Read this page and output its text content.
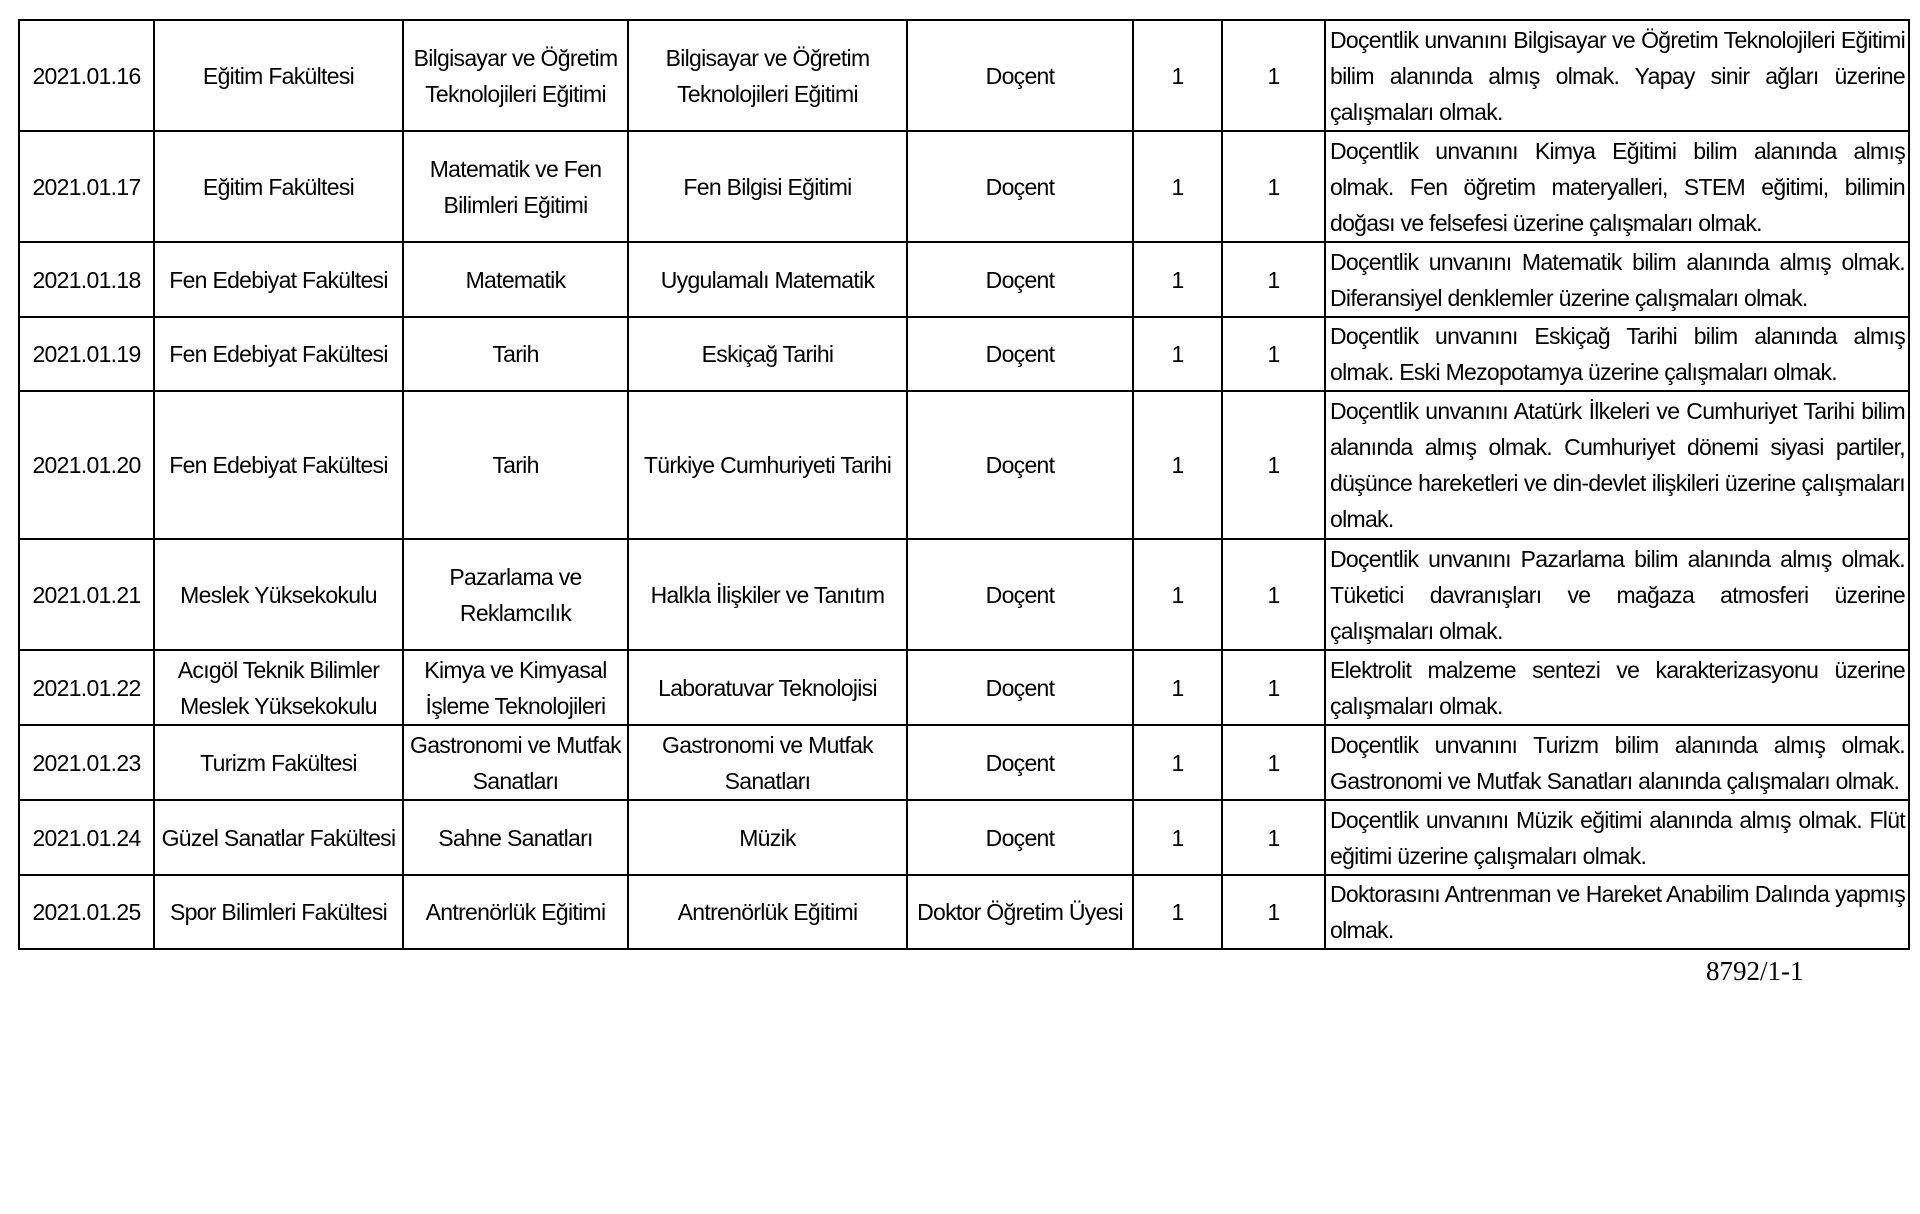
2021.01.16	Eğitim Fakültesi	Bilgisayar ve Öğretim Teknolojileri Eğitimi	Bilgisayar ve Öğretim Teknolojileri Eğitimi	Doçent	1	1	Doçentlik unvanını Bilgisayar ve Öğretim Teknolojileri Eğitimi bilim alanında almış olmak. Yapay sinir ağları üzerine çalışmaları olmak.
2021.01.17	Eğitim Fakültesi	Matematik ve Fen Bilimleri Eğitimi	Fen Bilgisi Eğitimi	Doçent	1	1	Doçentlik unvanını Kimya Eğitimi bilim alanında almış olmak. Fen öğretim materyalleri, STEM eğitimi, bilimin doğası ve felsefesi üzerine çalışmaları olmak.
2021.01.18	Fen Edebiyat Fakültesi	Matematik	Uygulamalı Matematik	Doçent	1	1	Doçentlik unvanını Matematik bilim alanında almış olmak. Diferansiyel denklemler üzerine çalışmaları olmak.
2021.01.19	Fen Edebiyat Fakültesi	Tarih	Eskiçağ Tarihi	Doçent	1	1	Doçentlik unvanını Eskiçağ Tarihi bilim alanında almış olmak. Eski Mezopotamya üzerine çalışmaları olmak.
2021.01.20	Fen Edebiyat Fakültesi	Tarih	Türkiye Cumhuriyeti Tarihi	Doçent	1	1	Doçentlik unvanını Atatürk İlkeleri ve Cumhuriyet Tarihi bilim alanında almış olmak. Cumhuriyet dönemi siyasi partiler, düşünce hareketleri ve din-devlet ilişkileri üzerine çalışmaları olmak.
2021.01.21	Meslek Yüksekokulu	Pazarlama ve Reklamcılık	Halkla İlişkiler ve Tanıtım	Doçent	1	1	Doçentlik unvanını Pazarlama bilim alanında almış olmak. Tüketici davranışları ve mağaza atmosferi üzerine çalışmaları olmak.
2021.01.22	Acıgöl Teknik Bilimler Meslek Yüksekokulu	Kimya ve Kimyasal İşleme Teknolojileri	Laboratuvar Teknolojisi	Doçent	1	1	Elektrolit malzeme sentezi ve karakterizasyonu üzerine çalışmaları olmak.
2021.01.23	Turizm Fakültesi	Gastronomi ve Mutfak Sanatları	Gastronomi ve Mutfak Sanatları	Doçent	1	1	Doçentlik unvanını Turizm bilim alanında almış olmak. Gastronomi ve Mutfak Sanatları alanında çalışmaları olmak.
2021.01.24	Güzel Sanatlar Fakültesi	Sahne Sanatları	Müzik	Doçent	1	1	Doçentlik unvanını Müzik eğitimi alanında almış olmak. Flüt eğitimi üzerine çalışmaları olmak.
2021.01.25	Spor Bilimleri Fakültesi	Antrenörlük Eğitimi	Antrenörlük Eğitimi	Doktor Öğretim Üyesi	1	1	Doktorasını Antrenman ve Hareket Anabilim Dalında yapmış olmak.
8792/1-1
